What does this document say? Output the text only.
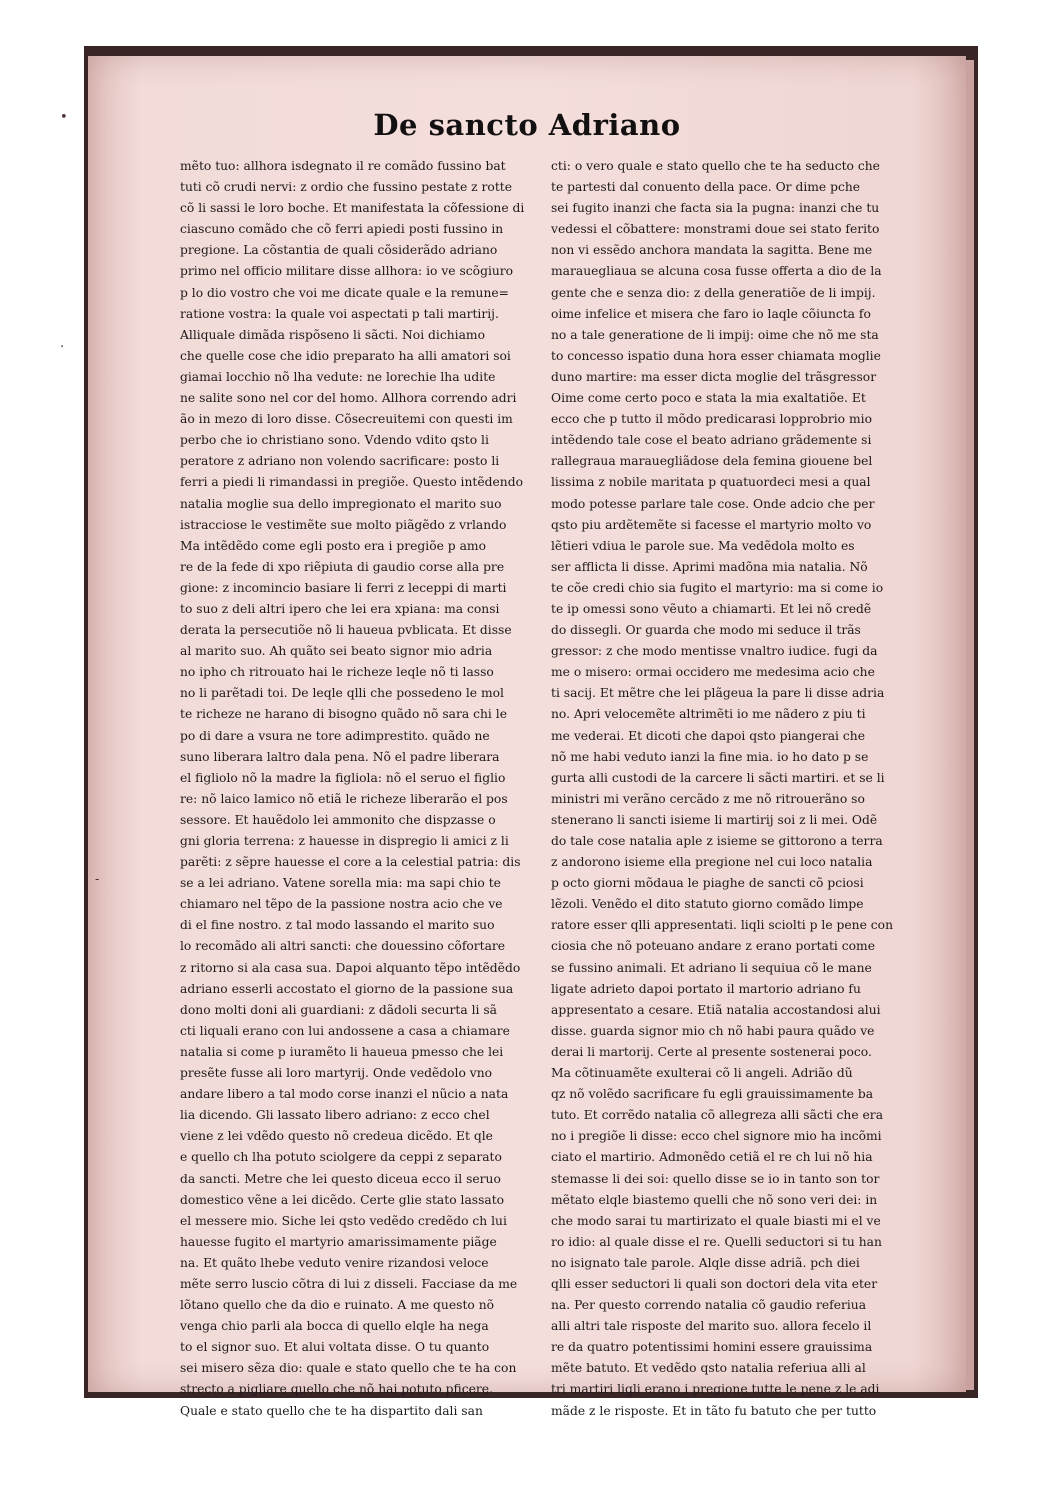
De sancto Adriano
mẽto tuo: allhora isdegnato il re comãdo fussino bat
tuti cõ crudi nervi: z ordio che fussino pestate z rotte
cõ li sassi le loro boche. Et manifestata la cõfessione di
ciascuno comãdo che cõ ferri apiedi posti fussino in
pregione. La cõstantia de quali cõsiderãdo adriano
primo nel officio militare disse allhora: io ve scõgiuro
p lo dio vostro che voi me dicate quale e la remune=
ratione vostra: la quale voi aspectati p tali martirij.
Alliquale dimãda rispõseno li sãcti. Noi dichiamo
che quelle cose che idio preparato ha alli amatori soi
giamai locchio nõ lha vedute: ne lorechie lha udite
ne salite sono nel cor del homo. Allhora correndo adri
ão in mezo di loro disse. Cõsecreuitemi con questi im
perbo che io christiano sono. Vdendo vdito qsto li
peratore z adriano non volendo sacrificare: posto li
ferri a piedi li rimandassi in pregiõe. Questo intẽdendo
natalia moglie sua dello impregionato el marito suo
istracciose le vestimẽte sue molto piãgẽdo z vrlando
Ma intẽdẽdo come egli posto era i pregiõe p amo
re de la fede di xpo riẽpiuta di gaudio corse alla pre
gione: z incomincio basiare li ferri z leceppi di marti
to suo z deli altri ipero che lei era xpiana: ma consi
derata la persecutiõe nõ li haueua pvblicata. Et disse
al marito suo. Ah quãto sei beato signor mio adria
no ipho ch ritrouato hai le richeze leqle nõ ti lasso
no li parẽtadi toi. De leqle qlli che possedeno le mol
te richeze ne harano di bisogno quãdo nõ sara chi le
po di dare a vsura ne tore adimprestito. quãdo ne
suno liberara laltro dala pena. Nõ el padre liberara
el figliolo nõ la madre la figliola: nõ el seruo el figlio
re: nõ laico lamico nõ etiã le richeze liberarão el pos
sessore. Et hauẽdolo lei ammonito che dispzasse o
gni gloria terrena: z hauesse in dispregio li amici z li
parẽti: z sẽpre hauesse el core a la celestial patria: dis
se a lei adriano. Vatene sorella mia: ma sapi chio te
chiamaro nel tẽpo de la passione nostra acio che ve
di el fine nostro. z tal modo lassando el marito suo
lo recomãdo ali altri sancti: che douessino cõfortare
z ritorno si ala casa sua. Dapoi alquanto tẽpo intẽdẽdo
adriano esserli accostato el giorno de la passione sua
dono molti doni ali guardiani: z dãdoli securta li sã
cti liquali erano con lui andossene a casa a chiamare
natalia si come p iuramẽto li haueua pmesso che lei
presẽte fusse ali loro martyrij. Onde vedẽdolo vno
andare libero a tal modo corse inanzi el nũcio a nata
lia dicendo. Gli lassato libero adriano: z ecco chel
viene z lei vdẽdo questo nõ credeua dicẽdo. Et qle
e quello ch lha potuto sciolgere da ceppi z separato
da sancti. Metre che lei questo diceua ecco il seruo
domestico vẽne a lei dicẽdo. Certe glie stato lassato
el messere mio. Siche lei qsto vedẽdo credẽdo ch lui
hauesse fugito el martyrio amarissimamente piãge
na. Et quãto lhebe veduto venire rizandosi veloce
mẽte serro luscio cõtra di lui z disseli. Facciase da me
lõtano quello che da dio e ruinato. A me questo nõ
venga chio parli ala bocca di quello elqle ha nega
to el signor suo. Et alui voltata disse. O tu quanto
sei misero sẽza dio: quale e stato quello che te ha con
strecto a pigliare quello che nõ hai potuto pficere.
Quale e stato quello che te ha dispartito dali san
cti: o vero quale e stato quello che te ha seducto che
te partesti dal conuento della pace. Or dime pche
sei fugito inanzi che facta sia la pugna: inanzi che tu
vedessi el cõbattere: monstrami doue sei stato ferito
non vi essẽdo anchora mandata la sagitta. Bene me
marauegliaua se alcuna cosa fusse offerta a dio de la
gente che e senza dio: z della generatiõe de li impij.
oime infelice et misera che faro io laqle cõiuncta fo
no a tale generatione de li impij: oime che nõ me sta
to concesso ispatio duna hora esser chiamata moglie
duno martire: ma esser dicta moglie del trãsgressor
Oime come certo poco e stata la mia exaltatiõe. Et
ecco che p tutto il mõdo predicarasi lopprobrio mio
intẽdendo tale cose el beato adriano grãdemente si
rallegraua marauegliãdose dela femina giouene bel
lissima z nobile maritata p quatuordeci mesi a qual
modo potesse parlare tale cose. Onde adcio che per
qsto piu ardẽtemẽte si facesse el martyrio molto vo
lẽtieri vdiua le parole sue. Ma vedẽdola molto es
ser afflicta li disse. Aprimi madõna mia natalia. Nõ
te cõe credi chio sia fugito el martyrio: ma si come io
te ip omessi sono vẽuto a chiamarti. Et lei nõ credẽ
do dissegli. Or guarda che modo mi seduce il trãs
gressor: z che modo mentisse vnaltro iudice. fugi da
me o misero: ormai occidero me medesima acio che
ti sacij. Et mẽtre che lei plãgeua la pare li disse adria
no. Apri velocemẽte altrimẽti io me nãdero z piu ti
me vederai. Et dicoti che dapoi qsto piangerai che
nõ me habi veduto ianzi la fine mia. io ho dato p se
gurta alli custodi de la carcere li sãcti martiri. et se li
ministri mi verãno cercãdo z me nõ ritrouerãno so
stenerano li sancti isieme li martirij soi z li mei. Odẽ
do tale cose natalia aple z isieme se gittorono a terra
z andorono isieme ella pregione nel cui loco natalia
p octo giorni mõdaua le piaghe de sancti cõ pciosi
lẽzoli. Venẽdo el dito statuto giorno comãdo limpe
ratore esser qlli appresentati. liqli sciolti p le pene con
ciosia che nõ poteuano andare z erano portati come
se fussino animali. Et adriano li sequiua cõ le mane
ligate adrieto dapoi portato il martorio adriano fu
appresentato a cesare. Etiã natalia accostandosi alui
disse. guarda signor mio ch nõ habi paura quãdo ve
derai li martorij. Certe al presente sostenerai poco.
Ma cõtinuamẽte exulterai cõ li angeli. Adrião dũ
qz nõ volẽdo sacrificare fu egli grauissimamente ba
tuto. Et corrẽdo natalia cõ allegreza alli sãcti che era
no i pregiõe li disse: ecco chel signore mio ha incõmi
ciato el martirio. Admonẽdo cetiã el re ch lui nõ hia
stemasse li dei soi: quello disse se io in tanto son tor
mẽtato elqle biastemo quelli che nõ sono veri dei: in
che modo sarai tu martirizato el quale biasti mi el ve
ro idio: al quale disse el re. Quelli seductori si tu han
no isignato tale parole. Alqle disse adriã. pch diei
qlli esser seductori li quali son doctori dela vita eter
na. Per questo correndo natalia cõ gaudio referiua
alli altri tale risposte del marito suo. allora fecelo il
re da quatro potentissimi homini essere grauissima
mẽte batuto. Et vedẽdo qsto natalia referiua alli al
tri martiri liqli erano i pregione tutte le pene z le adi
mãde z le risposte. Et in tãto fu batuto che per tutto
•
.
-
